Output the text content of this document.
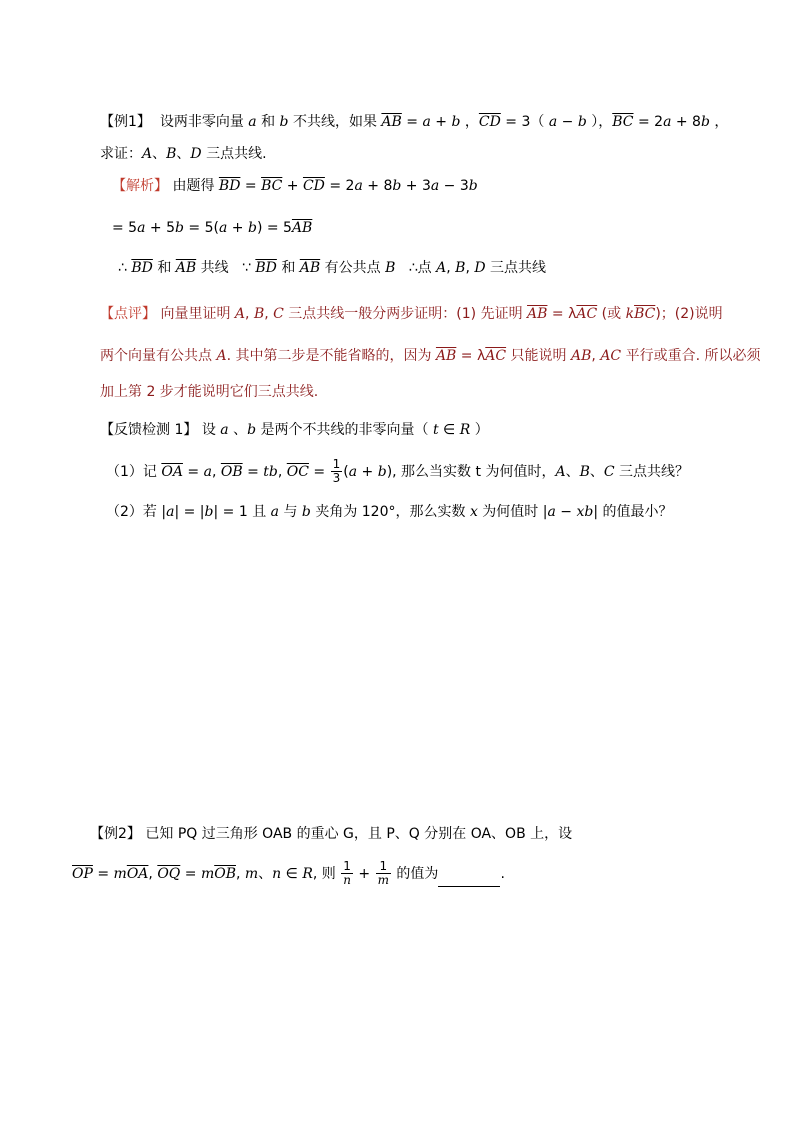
【例1】 设两非零向量 a 和 b 不共线，如果 $\overline{AB} = a + b$ ，$\overline{CD} = 3$（ a − b ），$\overline{BC} = 2a + 8b$ ，
求证：A、B、D 三点共线.
【解析】 由题得 $\overline{BD} = \overline{BC} + \overline{CD} = 2a + 8b + 3a - 3b$
= $5a + 5b = 5(a + b) = 5\overline{AB}$
∴ $\overline{BD}$ 和 $\overline{AB}$ 共线   ∵ $\overline{BD}$ 和 $\overline{AB}$ 有公共点 B   ∴点 A, B, D 三点共线
【点评】 向量里证明 A, B, C 三点共线一般分两步证明：(1) 先证明 $\overline{AB} = \lambda\overline{AC}$ (或 $k\overline{BC}$)；(2)说明
两个向量有公共点 A. 其中第二步是不能省略的，因为 $\overline{AB} = \lambda\overline{AC}$ 只能说明 AB, AC 平行或重合. 所以必须
加上第 2 步才能说明它们三点共线.
【反馈检测 1】 设 a 、b 是两个不共线的非零向量（ t ∈ R ）
（1）记 $\overline{OA} = a$, $\overline{OB}$ = tb, $\overline{OC} = \frac{1}{3} (a + b)$, 那么当实数 t 为何值时，A、B、C 三点共线？
（2）若 |a| = |b| = 1 且 a 与 b 夹角为 120°，那么实数 x 为何值时 |a − xb| 的值最小？
【例2】 已知 PQ 过三角形 OAB 的重心 G，且 P、Q 分别在 OA、OB 上，设
$\overline{OP} = m\overline{OA}$, $\overline{OQ} = m\overline{OB}$, m、n ∈ R, 则 $\frac{1}{n} + \frac{1}{m}$ 的值为	.
